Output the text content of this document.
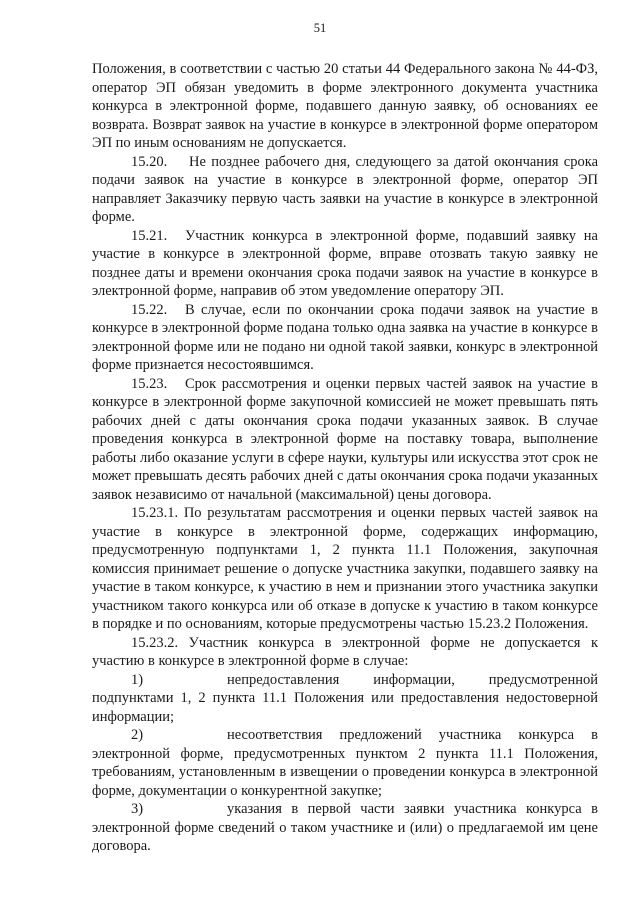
51

Положения, в соответствии с частью 20 статьи 44 Федерального закона № 44-ФЗ, оператор ЭП обязан уведомить в форме электронного документа участника конкурса в электронной форме, подавшего данную заявку, об основаниях ее возврата. Возврат заявок на участие в конкурсе в электронной форме оператором ЭП по иным основаниям не допускается.

15.20. Не позднее рабочего дня, следующего за датой окончания срока подачи заявок на участие в конкурсе в электронной форме, оператор ЭП направляет Заказчику первую часть заявки на участие в конкурсе в электронной форме.

15.21. Участник конкурса в электронной форме, подавший заявку на участие в конкурсе в электронной форме, вправе отозвать такую заявку не позднее даты и времени окончания срока подачи заявок на участие в конкурсе в электронной форме, направив об этом уведомление оператору ЭП.

15.22. В случае, если по окончании срока подачи заявок на участие в конкурсе в электронной форме подана только одна заявка на участие в конкурсе в электронной форме или не подано ни одной такой заявки, конкурс в электронной форме признается несостоявшимся.

15.23. Срок рассмотрения и оценки первых частей заявок на участие в конкурсе в электронной форме закупочной комиссией не может превышать пять рабочих дней с даты окончания срока подачи указанных заявок. В случае проведения конкурса в электронной форме на поставку товара, выполнение работы либо оказание услуги в сфере науки, культуры или искусства этот срок не может превышать десять рабочих дней с даты окончания срока подачи указанных заявок независимо от начальной (максимальной) цены договора.

15.23.1. По результатам рассмотрения и оценки первых частей заявок на участие в конкурсе в электронной форме, содержащих информацию, предусмотренную подпунктами 1, 2 пункта 11.1 Положения, закупочная комиссия принимает решение о допуске участника закупки, подавшего заявку на участие в таком конкурсе, к участию в нем и признании этого участника закупки участником такого конкурса или об отказе в допуске к участию в таком конкурсе в порядке и по основаниям, которые предусмотрены частью 15.23.2 Положения.

15.23.2. Участник конкурса в электронной форме не допускается к участию в конкурсе в электронной форме в случае:

1)	непредоставления информации, предусмотренной подпунктами 1, 2 пункта 11.1 Положения или предоставления недостоверной информации;

2)	несоответствия предложений участника конкурса в электронной форме, предусмотренных пунктом 2 пункта 11.1 Положения, требованиям, установленным в извещении о проведении конкурса в электронной форме, документации о конкурентной закупке;

3)	указания в первой части заявки участника конкурса в электронной форме сведений о таком участнике и (или) о предлагаемой им цене договора.
